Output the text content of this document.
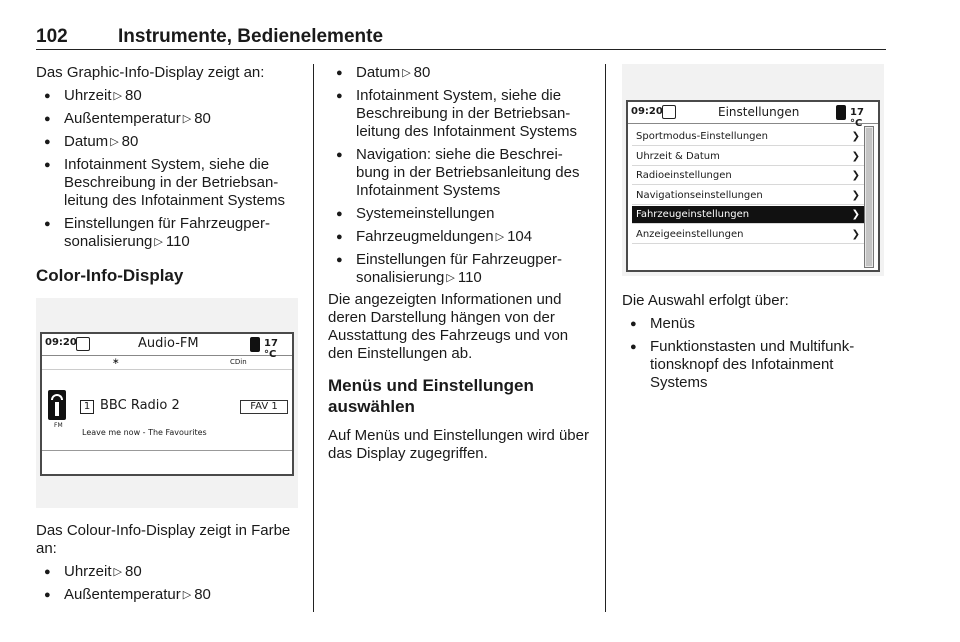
102	Instrumente, Bedienelemente

Das Graphic-Info-Display zeigt an:

● Uhrzeit ▷ 80
● Außentemperatur ▷ 80
● Datum ▷ 80
● Infotainment System, siehe die Beschreibung in der Betriebsan-leitung des Infotainment Systems
● Einstellungen für Fahrzeugper-sonalisierung ▷ 110
Color-Info-Display
09:20	Audio-FM	17 °C
∗	CDin
FM
1 BBC Radio 2	FAV 1
Leave me now - The Favourites

Das Colour-Info-Display zeigt in Farbe an:

● Uhrzeit ▷ 80
● Außentemperatur ▷ 80
● Datum ▷ 80
● Infotainment System, siehe die Beschreibung in der Betriebsan-leitung des Infotainment Systems
● Navigation: siehe die Beschrei-bung in der Betriebsanleitung des Infotainment Systems
● Systemeinstellungen
● Fahrzeugmeldungen ▷ 104
● Einstellungen für Fahrzeugper-sonalisierung ▷ 110

Die angezeigten Informationen und deren Darstellung hängen von der Ausstattung des Fahrzeugs und von den Einstellungen ab.

Menüs und Einstellungen auswählen

Auf Menüs und Einstellungen wird über das Display zugegriffen.

09:20	Einstellungen	17 °C
Sportmodus-Einstellungen	❯
Uhrzeit & Datum	❯
Radioeinstellungen	❯
Navigationseinstellungen	❯
Fahrzeugeinstellungen	❯
Anzeigeeinstellungen	❯

Die Auswahl erfolgt über:

● Menüs
● Funktionstasten und Multifunk-tionsknopf des Infotainment Systems
